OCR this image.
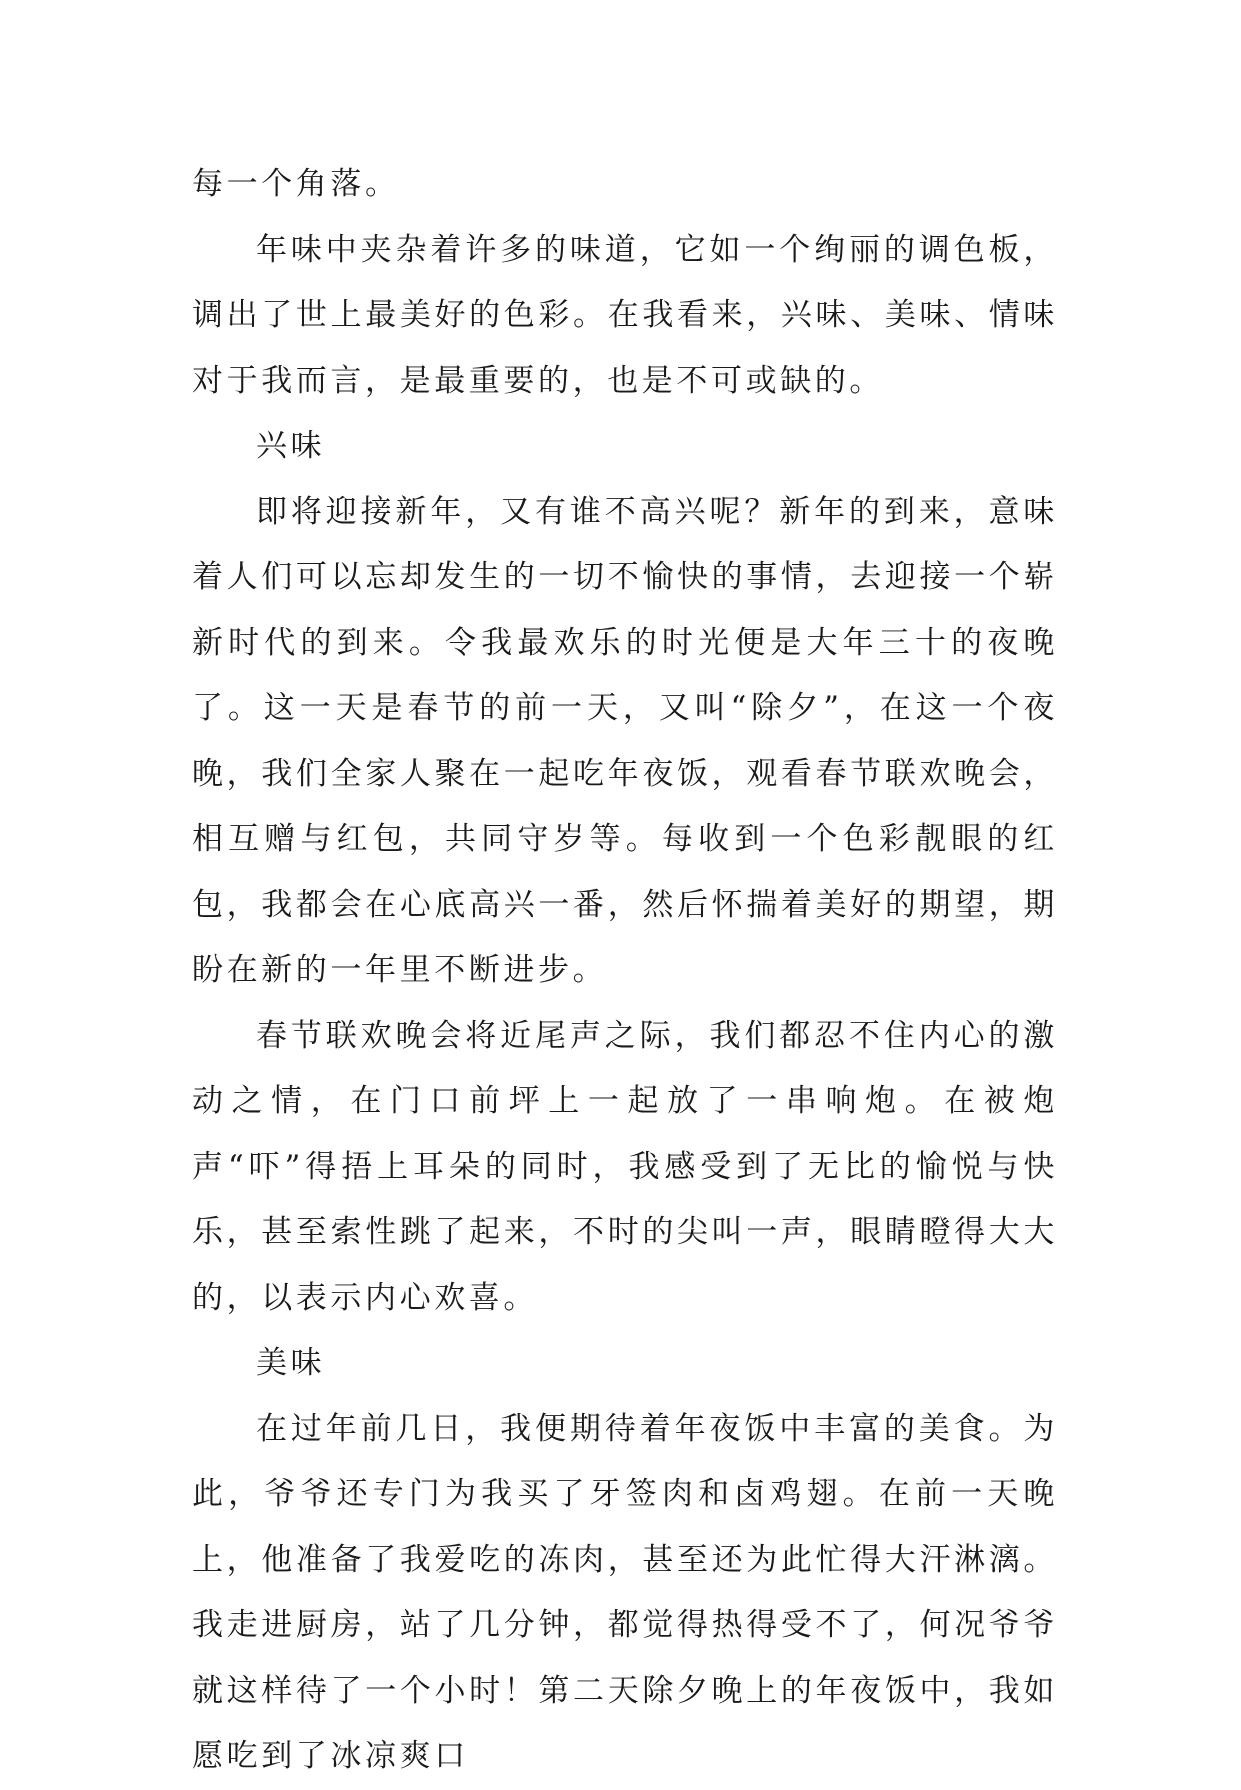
每一个角落。

年味中夹杂着许多的味道，它如一个绚丽的调色板，调出了世上最美好的色彩。在我看来，兴味、美味、情味对于我而言，是最重要的，也是不可或缺的。

兴味

即将迎接新年，又有谁不高兴呢？新年的到来，意味着人们可以忘却发生的一切不愉快的事情，去迎接一个崭新时代的到来。令我最欢乐的时光便是大年三十的夜晚了。这一天是春节的前一天，又叫“除夕”，在这一个夜晚，我们全家人聚在一起吃年夜饭，观看春节联欢晚会，相互赠与红包，共同守岁等。每收到一个色彩靓眼的红包，我都会在心底高兴一番，然后怀揣着美好的期望，期盼在新的一年里不断进步。

春节联欢晚会将近尾声之际，我们都忍不住内心的激动之情，在门口前坪上一起放了一串响炮。在被炮声“吓”得捂上耳朵的同时，我感受到了无比的愉悦与快乐，甚至索性跳了起来，不时的尖叫一声，眼睛瞪得大大的，以表示内心欢喜。

美味

在过年前几日，我便期待着年夜饭中丰富的美食。为此，爷爷还专门为我买了牙签肉和卤鸡翅。在前一天晚上，他准备了我爱吃的冻肉，甚至还为此忙得大汗淋漓。我走进厨房，站了几分钟，都觉得热得受不了，何况爷爷就这样待了一个小时！第二天除夕晚上的年夜饭中，我如愿吃到了冰凉爽口
